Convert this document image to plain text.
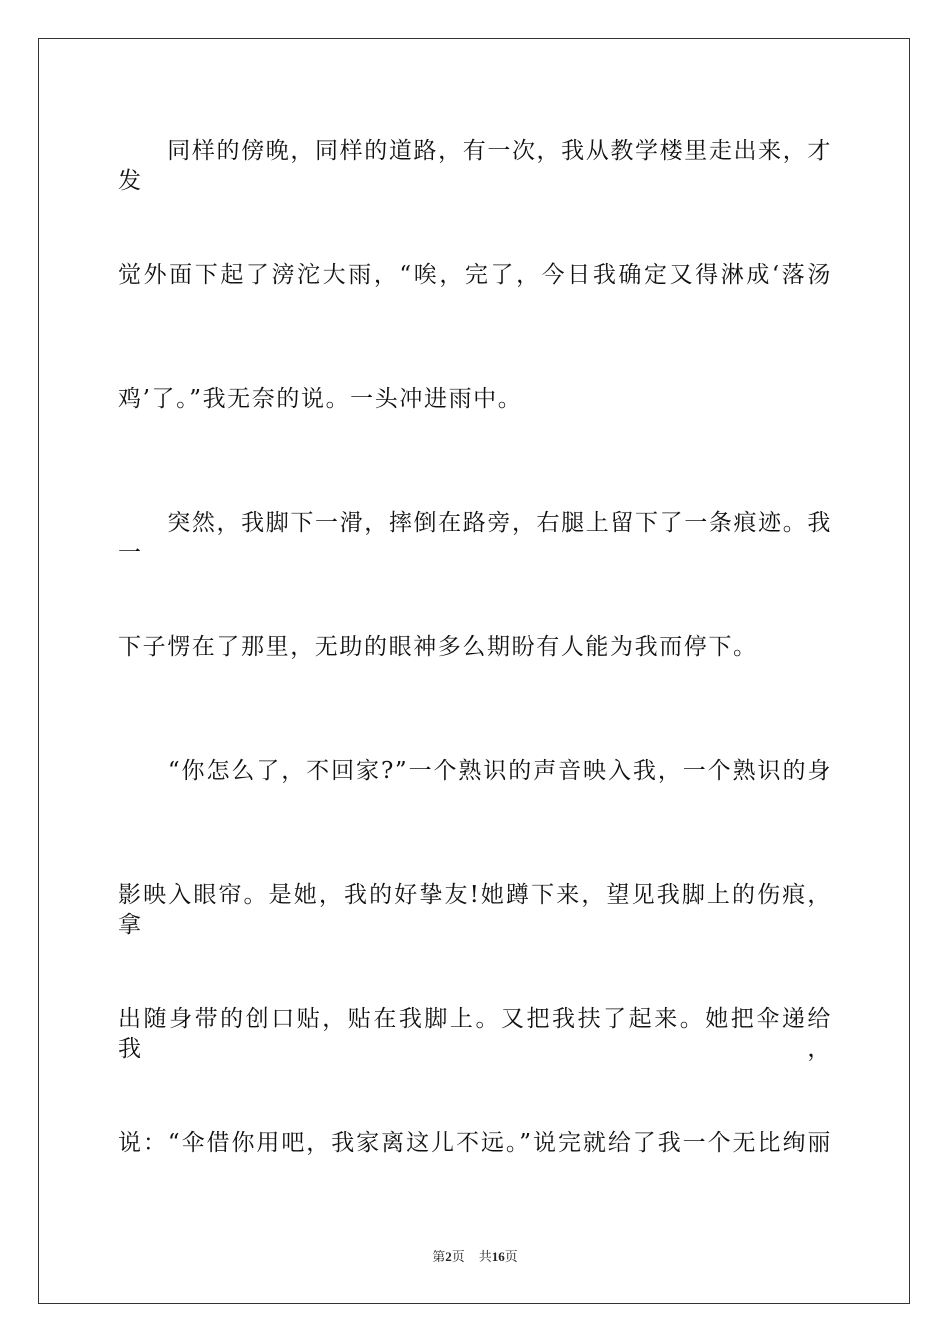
　　同样的傍晚，同样的道路，有一次，我从教学楼里走出来，才发
觉外面下起了滂沱大雨，“唉，完了，今日我确定又得淋成‘落汤
鸡’了。”我无奈的说。一头冲进雨中。
　　突然，我脚下一滑，摔倒在路旁，右腿上留下了一条痕迹。我一
下子愣在了那里，无助的眼神多么期盼有人能为我而停下。
　　“你怎么了，不回家?”一个熟识的声音映入我，一个熟识的身
影映入眼帘。是她，我的好挚友!她蹲下来，望见我脚上的伤痕，拿
出随身带的创口贴，贴在我脚上。又把我扶了起来。她把伞递给我，
说：“伞借你用吧，我家离这儿不远。”说完就给了我一个无比绚丽
第2页 共16页
